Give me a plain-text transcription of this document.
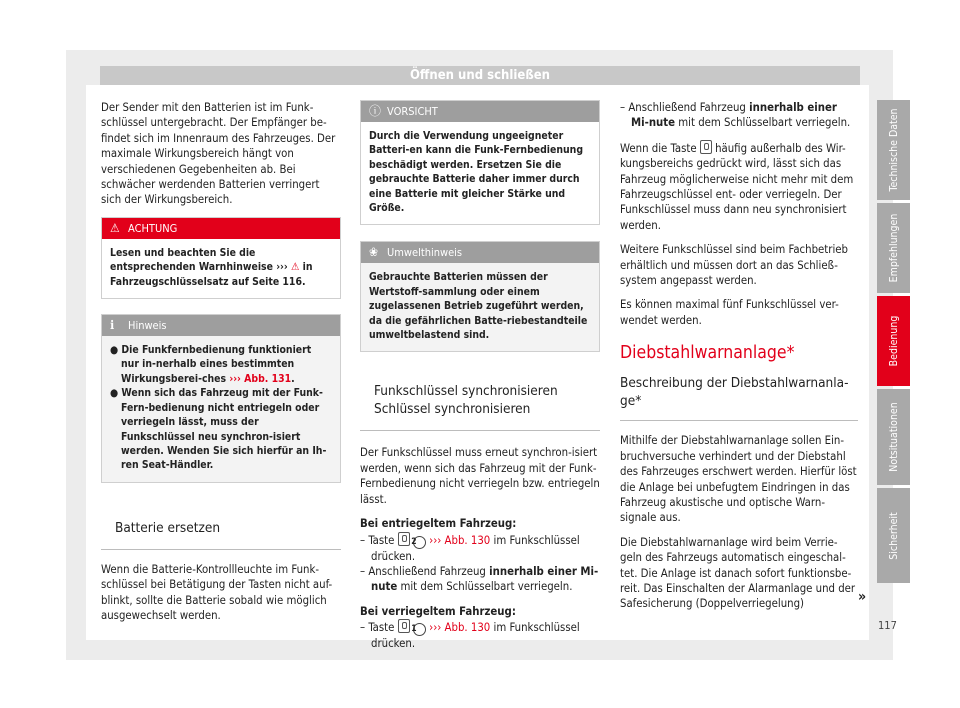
Öffnen und schließen

Der Sender mit den Batterien ist im Funk-schlüssel untergebracht. Der Empfänger be-findet sich im Innenraum des Fahrzeuges. Der maximale Wirkungsbereich hängt von verschiedenen Gegebenheiten ab. Bei schwächer werdenden Batterien verringert sich der Wirkungsbereich.

⚠ ACHTUNG
Lesen und beachten Sie die entsprechenden Warnhinweise ››› ⚠ in Fahrzeugschlüsselsatz auf Seite 116.
ℹ Hinweis
● Die Funkfernbedienung funktioniert nur in-nerhalb eines bestimmten Wirkungsberei-ches ››› Abb. 131.
● Wenn sich das Fahrzeug mit der Funk-Fern-bedienung nicht entriegeln oder verriegeln lässt, muss der Funkschlüssel neu synchron-isiert werden. Wenden Sie sich hierfür an Ih-ren Seat-Händler.
Batterie ersetzen

Wenn die Batterie-Kontrollleuchte im Funk-schlüssel bei Betätigung der Tasten nicht auf-blinkt, sollte die Batterie sobald wie möglich ausgewechselt werden.

ⓘ VORSICHT
Durch die Verwendung ungeeigneter Batteri-en kann die Funk-Fernbedienung beschädigt werden. Ersetzen Sie die gebrauchte Batterie daher immer durch eine Batterie mit gleicher Stärke und Größe.
❀ Umwelthinweis
Gebrauchte Batterien müssen der Wertstoff-sammlung oder einem zugelassenen Betrieb zugeführt werden, da die gefährlichen Batte-riebestandteile umweltbelastend sind.
Funkschlüssel synchronisieren
Schlüssel synchronisieren

Der Funkschlüssel muss erneut synchron-isiert werden, wenn sich das Fahrzeug mit der Funk-Fernbedienung nicht verriegeln bzw. entriegeln lässt.

Bei entriegeltem Fahrzeug:

– Taste  2 ››› Abb. 130 im Funkschlüssel drücken.
– Anschließend Fahrzeug innerhalb einer Mi-nute mit dem Schlüsselbart verriegeln.

Bei verriegeltem Fahrzeug:

– Taste  1 ››› Abb. 130 im Funkschlüssel drücken.
– Anschließend Fahrzeug innerhalb einer Mi-nute mit dem Schlüsselbart verriegeln.

Wenn die Taste  häufig außerhalb des Wir-kungsbereichs gedrückt wird, lässt sich das Fahrzeug möglicherweise nicht mehr mit dem Fahrzeugschlüssel ent- oder verriegeln. Der Funkschlüssel muss dann neu synchronisiert werden.

Weitere Funkschlüssel sind beim Fachbetrieb erhältlich und müssen dort an das Schließ-system angepasst werden.

Es können maximal fünf Funkschlüssel ver-wendet werden.

Diebstahlwarnanlage*
Beschreibung der Diebstahlwarnanla-ge*

Mithilfe der Diebstahlwarnanlage sollen Ein-bruchversuche verhindert und der Diebstahl des Fahrzeuges erschwert werden. Hierfür löst die Anlage bei unbefugtem Eindringen in das Fahrzeug akustische und optische Warn-signale aus.

Die Diebstahlwarnanlage wird beim Verrie-geln des Fahrzeugs automatisch eingeschal-tet. Die Anlage ist danach sofort funktionsbe-reit. Das Einschalten der Alarmanlage und der Safesicherung (Doppelverriegelung)	»
Technische Daten
Empfehlungen
Bedienung
Notsituationen
Sicherheit
117
